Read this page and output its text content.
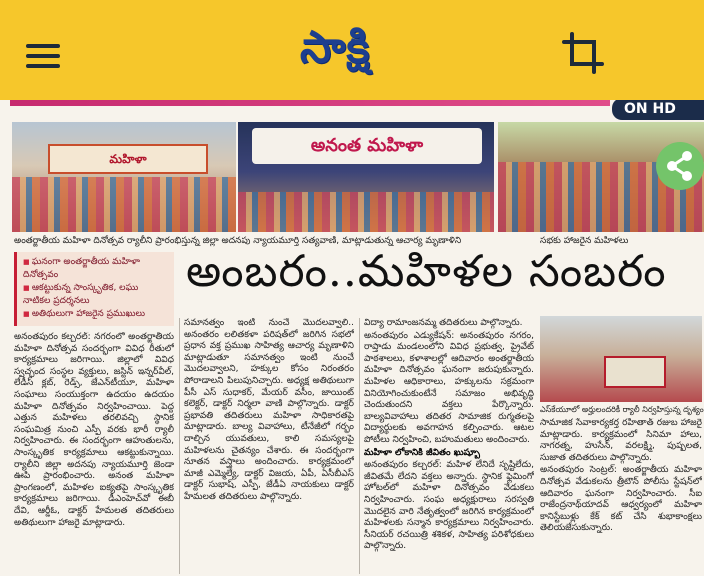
సాక్షి
ON HD
మహిళా
అనంత మహిళా
అంతర్జాతీయ మహిళా దినోత్సవ ర్యాలీని ప్రారంభిస్తున్న జిల్లా అదనపు న్యాయమూర్తి సత్యవాణి, మాట్లాడుతున్న ఆచార్య మృణాళిని	సభకు హాజరైన మహిళలు
■ ఘనంగా అంతర్జాతీయ మహిళా దినోత్సవం
■ ఆకట్టుకున్న సాంస్కృతిక, లఘు నాటికల ప్రదర్శనలు
■ అతిథులుగా హాజరైన ప్రముఖులు
అంబరం..మహిళల సంబరం
అనంతపురం కల్చరల్‌: నగరంలో అంతర్జాతీయ మహిళా దినోత్సవ సందర్భంగా వివిధ రీతులో కార్యక్రమాలు జరిగాయి. జిల్లాలో వివిధ స్వచ్ఛంద సంస్థల వ్యక్తులు, జస్టిన్‌ ఇన్నర్‌వీల్, లేడీస్‌ క్లబ్, రెడ్స్, జేఎన్‌టీయూ, మహిళా సంఘాలు సంయుక్తంగా ఉదయం ఉదయం మహిళా దినోత్సవం నిర్వహించాయి. పెద్ద ఎత్తున మహిళలు తరలివచ్చి స్థానిక సంఘమిత్ర నుంచి ఎస్పీ వరకు భారీ ర్యాలీ నిర్వహించారు. ఈ సందర్భంగా ఆహుతులను, సాంస్కృతిక కార్యక్రమాలు ఆకట్టుకున్నాయి. ర్యాలీని జిల్లా అదనపు న్యాయమూర్తి జెండా ఊపి ప్రారంభించారు. అనంత మహిళా ప్రాంగణంలో, మహిళల ఐక్యతపై సాంస్కృతిక కార్యక్రమాలు జరిగాయి. డీఎంహెచ్‌వో ఈబీ దేవి, ఆర్డీఓ, డాక్టర్‌ హేమలత తదితరులు అతిథులుగా హాజరై మాట్లాడారు.
సమానత్వం ఇంటి నుంచే మొదలవ్వాలి.. అనంతరం లలితకళా పరిషత్‌లో జరిగిన సభలో ప్రధాన వక్త ప్రముఖ సాహిత్య ఆచార్య మృణాళిని మాట్లాడుతూ సమానత్వం ఇంటి నుంచే మొదలవ్వాలని, హక్కుల కోసం నిరంతరం పోరాడాలని పిలుపునిచ్చారు. అధ్యక్ష అతిథులుగా పీసీ ఎస్‌ సుధాకర్, మేయర్‌ వసీం, జాయింట్‌ కలెక్టర్, డాక్టర్‌ నిర్మలా వాణి పాల్గొన్నారు. డాక్టర్‌ ప్రభావతి తదితరులు మహిళా సాధికారతపై మాట్లాడారు. బాల్య వివాహాలు, టీనేజీలో గర్భం దాల్చిన యువతులు, కాలి సమస్యలపై మహిళలను చైతన్యం చేశారు. ఈ సందర్భంగా నూతన వస్త్రాలు అందించారు. కార్యక్రమంలో మాజీ ఎమ్మెల్యే, డాక్టర్‌ విజయ, ఏపీ, ఏసీబీఎస్‌ డాక్టర్‌ సుభాష్, ఎస్పీ, జేడీఏ నాయకులు డాక్టర్‌ హేమలత తదితరులు పాల్గొన్నారు.

విద్యా రామాంజనమ్మ తదితరులు పాల్గొన్నారు.

అనంతపురం ఎడ్యుకేషన్‌: అనంతపురం నగరం, రాప్తాడు మండలంలోని వివిధ ప్రభుత్వ, ప్రైవేట్‌ పాఠశాలలు, కళాశాలల్లో ఆదివారం అంతర్జాతీయ మహిళా దినోత్సవం ఘనంగా జరుపుకున్నారు. మహిళల ఆధికారాలు, హక్కులను సక్రమంగా వినియోగించుకుంటేనే సమాజం అభివృద్ధి చెందుతుందని వక్తలు పేర్కొన్నారు. బాల్యవివాహాలు తదితర సామాజిక రుగ్మతలపై విద్యార్థులకు అవగాహన కల్పించారు. ఆటల పోటీలు నిర్వహించి, బహుమతులు అందించారు.

మహిళా లోకానికి జీవితం ఖుష్బూ

అనంతపురం కల్చరల్‌: మహిళ లేనిదే సృష్టిలేదు, జీవితమే లేదని వక్తలు అన్నారు. స్థానిక ఫ్లెమింగో హోటల్‌లో మహిళా దినోత్సవం వేడుకలు నిర్వహించారు. సంఘ అధ్యక్షురాలు సరస్వతి మొదలైన వారి నేతృత్వంలో జరిగిన కార్యక్రమంలో మహిళలకు సన్మాన కార్యక్రమాలు నిర్వహించారు. సీనియర్‌ రచయిత్రి శశికళ, సాహిత్య పరిశోధకులు పాల్గొన్నారు.

ఎస్‌కేయూలో అర్హులందరికీ ర్యాలీ నిర్వహిస్తున్న దృశ్యం

సామాజిక సేవాకార్యకర్త రహితాత్‌ రజుబ హాజరై మాట్లాడారు. కార్యక్రమంలో సినిమా హాలు, నాగరత్న, హుసేన్, వరలక్ష్మి, పుష్పలత, సుజాత తదితరులు పాల్గొన్నారు.

అనంతపురం సెంట్రల్‌: అంతర్జాతీయ మహిళా దినోత్సవ వేడుకలను త్రీటౌన్‌ పోలీసు స్టేషన్‌లో ఆదివారం ఘనంగా నిర్వహించారు. సీఐ రాజేంద్రనాథ్‌యాదవ్‌ ఆధ్వర్యంలో మహిళా కానిస్టేబుళ్లు కేక్‌ కట్‌ చేసి శుభాకాంక్షలు తెలియజేసుకున్నారు.
